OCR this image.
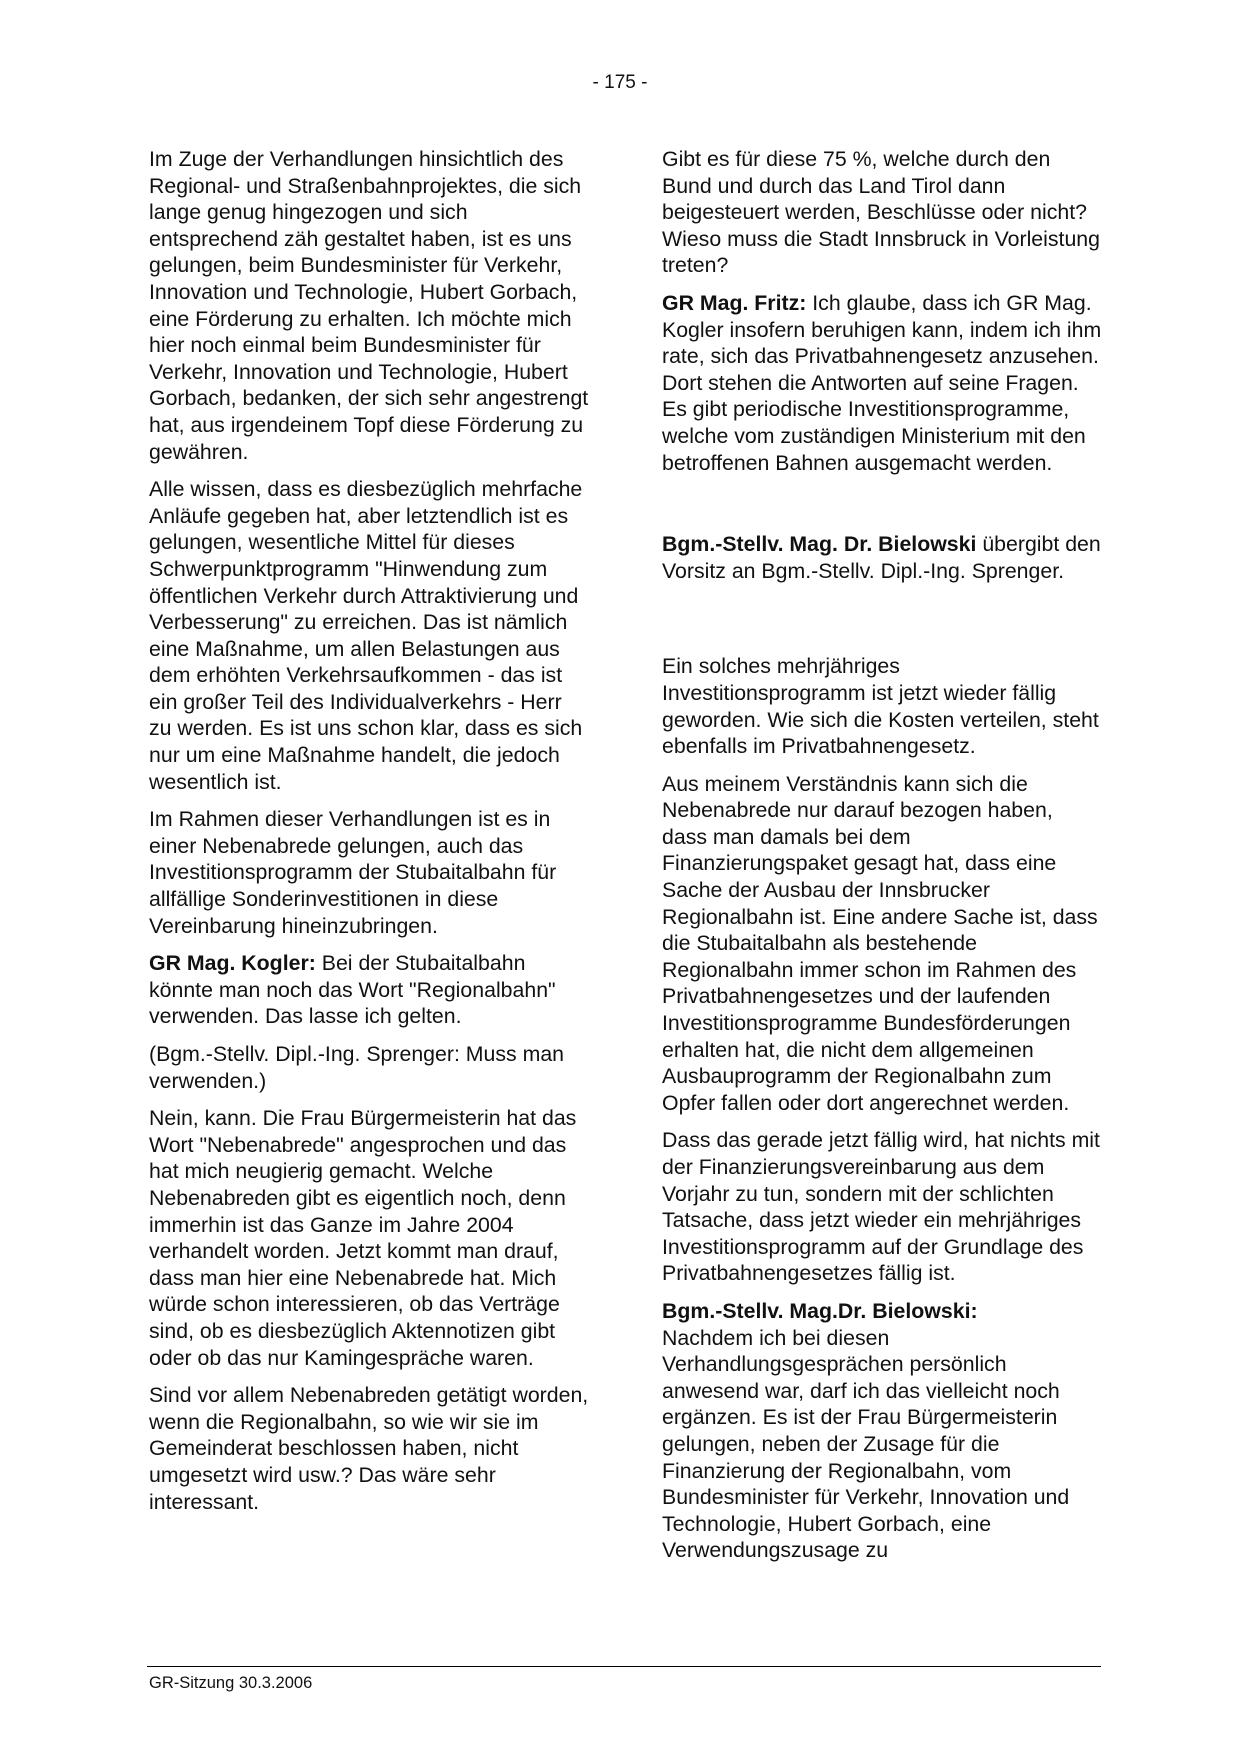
- 175 -

Im Zuge der Verhandlungen hinsichtlich des Regional- und Straßenbahnprojektes, die sich lange genug hingezogen und sich entsprechend zäh gestaltet haben, ist es uns gelungen, beim Bundesminister für Verkehr, Innovation und Technologie, Hubert Gorbach, eine Förderung zu erhalten. Ich möchte mich hier noch einmal beim Bundesminister für Verkehr, Innovation und Technologie, Hubert Gorbach, bedanken, der sich sehr angestrengt hat, aus irgendeinem Topf diese Förderung zu gewähren.

Alle wissen, dass es diesbezüglich mehrfache Anläufe gegeben hat, aber letztendlich ist es gelungen, wesentliche Mittel für dieses Schwerpunktprogramm "Hinwendung zum öffentlichen Verkehr durch Attraktivierung und Verbesserung" zu erreichen. Das ist nämlich eine Maßnahme, um allen Belastungen aus dem erhöhten Verkehrsaufkommen - das ist ein großer Teil des Individualverkehrs - Herr zu werden. Es ist uns schon klar, dass es sich nur um eine Maßnahme handelt, die jedoch wesentlich ist.

Im Rahmen dieser Verhandlungen ist es in einer Nebenabrede gelungen, auch das Investitionsprogramm der Stubaitalbahn für allfällige Sonderinvestitionen in diese Vereinbarung hineinzubringen.

GR Mag. Kogler: Bei der Stubaitalbahn könnte man noch das Wort "Regionalbahn" verwenden. Das lasse ich gelten.

(Bgm.-Stellv. Dipl.-Ing. Sprenger: Muss man verwenden.)

Nein, kann. Die Frau Bürgermeisterin hat das Wort "Nebenabrede" angesprochen und das hat mich neugierig gemacht. Welche Nebenabreden gibt es eigentlich noch, denn immerhin ist das Ganze im Jahre 2004 verhandelt worden. Jetzt kommt man drauf, dass man hier eine Nebenabrede hat. Mich würde schon interessieren, ob das Verträge sind, ob es diesbezüglich Aktennotizen gibt oder ob das nur Kamingespräche waren.

Sind vor allem Nebenabreden getätigt worden, wenn die Regionalbahn, so wie wir sie im Gemeinderat beschlossen haben, nicht umgesetzt wird usw.? Das wäre sehr interessant.

Gibt es für diese 75 %, welche durch den Bund und durch das Land Tirol dann beigesteuert werden, Beschlüsse oder nicht? Wieso muss die Stadt Innsbruck in Vorleistung treten?

GR Mag. Fritz: Ich glaube, dass ich GR Mag. Kogler insofern beruhigen kann, indem ich ihm rate, sich das Privatbahnengesetz anzusehen. Dort stehen die Antworten auf seine Fragen. Es gibt periodische Investitionsprogramme, welche vom zuständigen Ministerium mit den betroffenen Bahnen ausgemacht werden.

Bgm.-Stellv. Mag. Dr. Bielowski übergibt den Vorsitz an Bgm.-Stellv. Dipl.-Ing. Sprenger.

Ein solches mehrjähriges Investitionsprogramm ist jetzt wieder fällig geworden. Wie sich die Kosten verteilen, steht ebenfalls im Privatbahnengesetz.

Aus meinem Verständnis kann sich die Nebenabrede nur darauf bezogen haben, dass man damals bei dem Finanzierungspaket gesagt hat, dass eine Sache der Ausbau der Innsbrucker Regionalbahn ist. Eine andere Sache ist, dass die Stubaitalbahn als bestehende Regionalbahn immer schon im Rahmen des Privatbahnengesetzes und der laufenden Investitionsprogramme Bundesförderungen erhalten hat, die nicht dem allgemeinen Ausbauprogramm der Regionalbahn zum Opfer fallen oder dort angerechnet werden.

Dass das gerade jetzt fällig wird, hat nichts mit der Finanzierungsvereinbarung aus dem Vorjahr zu tun, sondern mit der schlichten Tatsache, dass jetzt wieder ein mehrjähriges Investitionsprogramm auf der Grundlage des Privatbahnengesetzes fällig ist.

Bgm.-Stellv. Mag.Dr. Bielowski:
Nachdem ich bei diesen Verhandlungsgesprächen persönlich anwesend war, darf ich das vielleicht noch ergänzen. Es ist der Frau Bürgermeisterin gelungen, neben der Zusage für die Finanzierung der Regionalbahn, vom Bundesminister für Verkehr, Innovation und Technologie, Hubert Gorbach, eine Verwendungszusage zu

GR-Sitzung 30.3.2006
